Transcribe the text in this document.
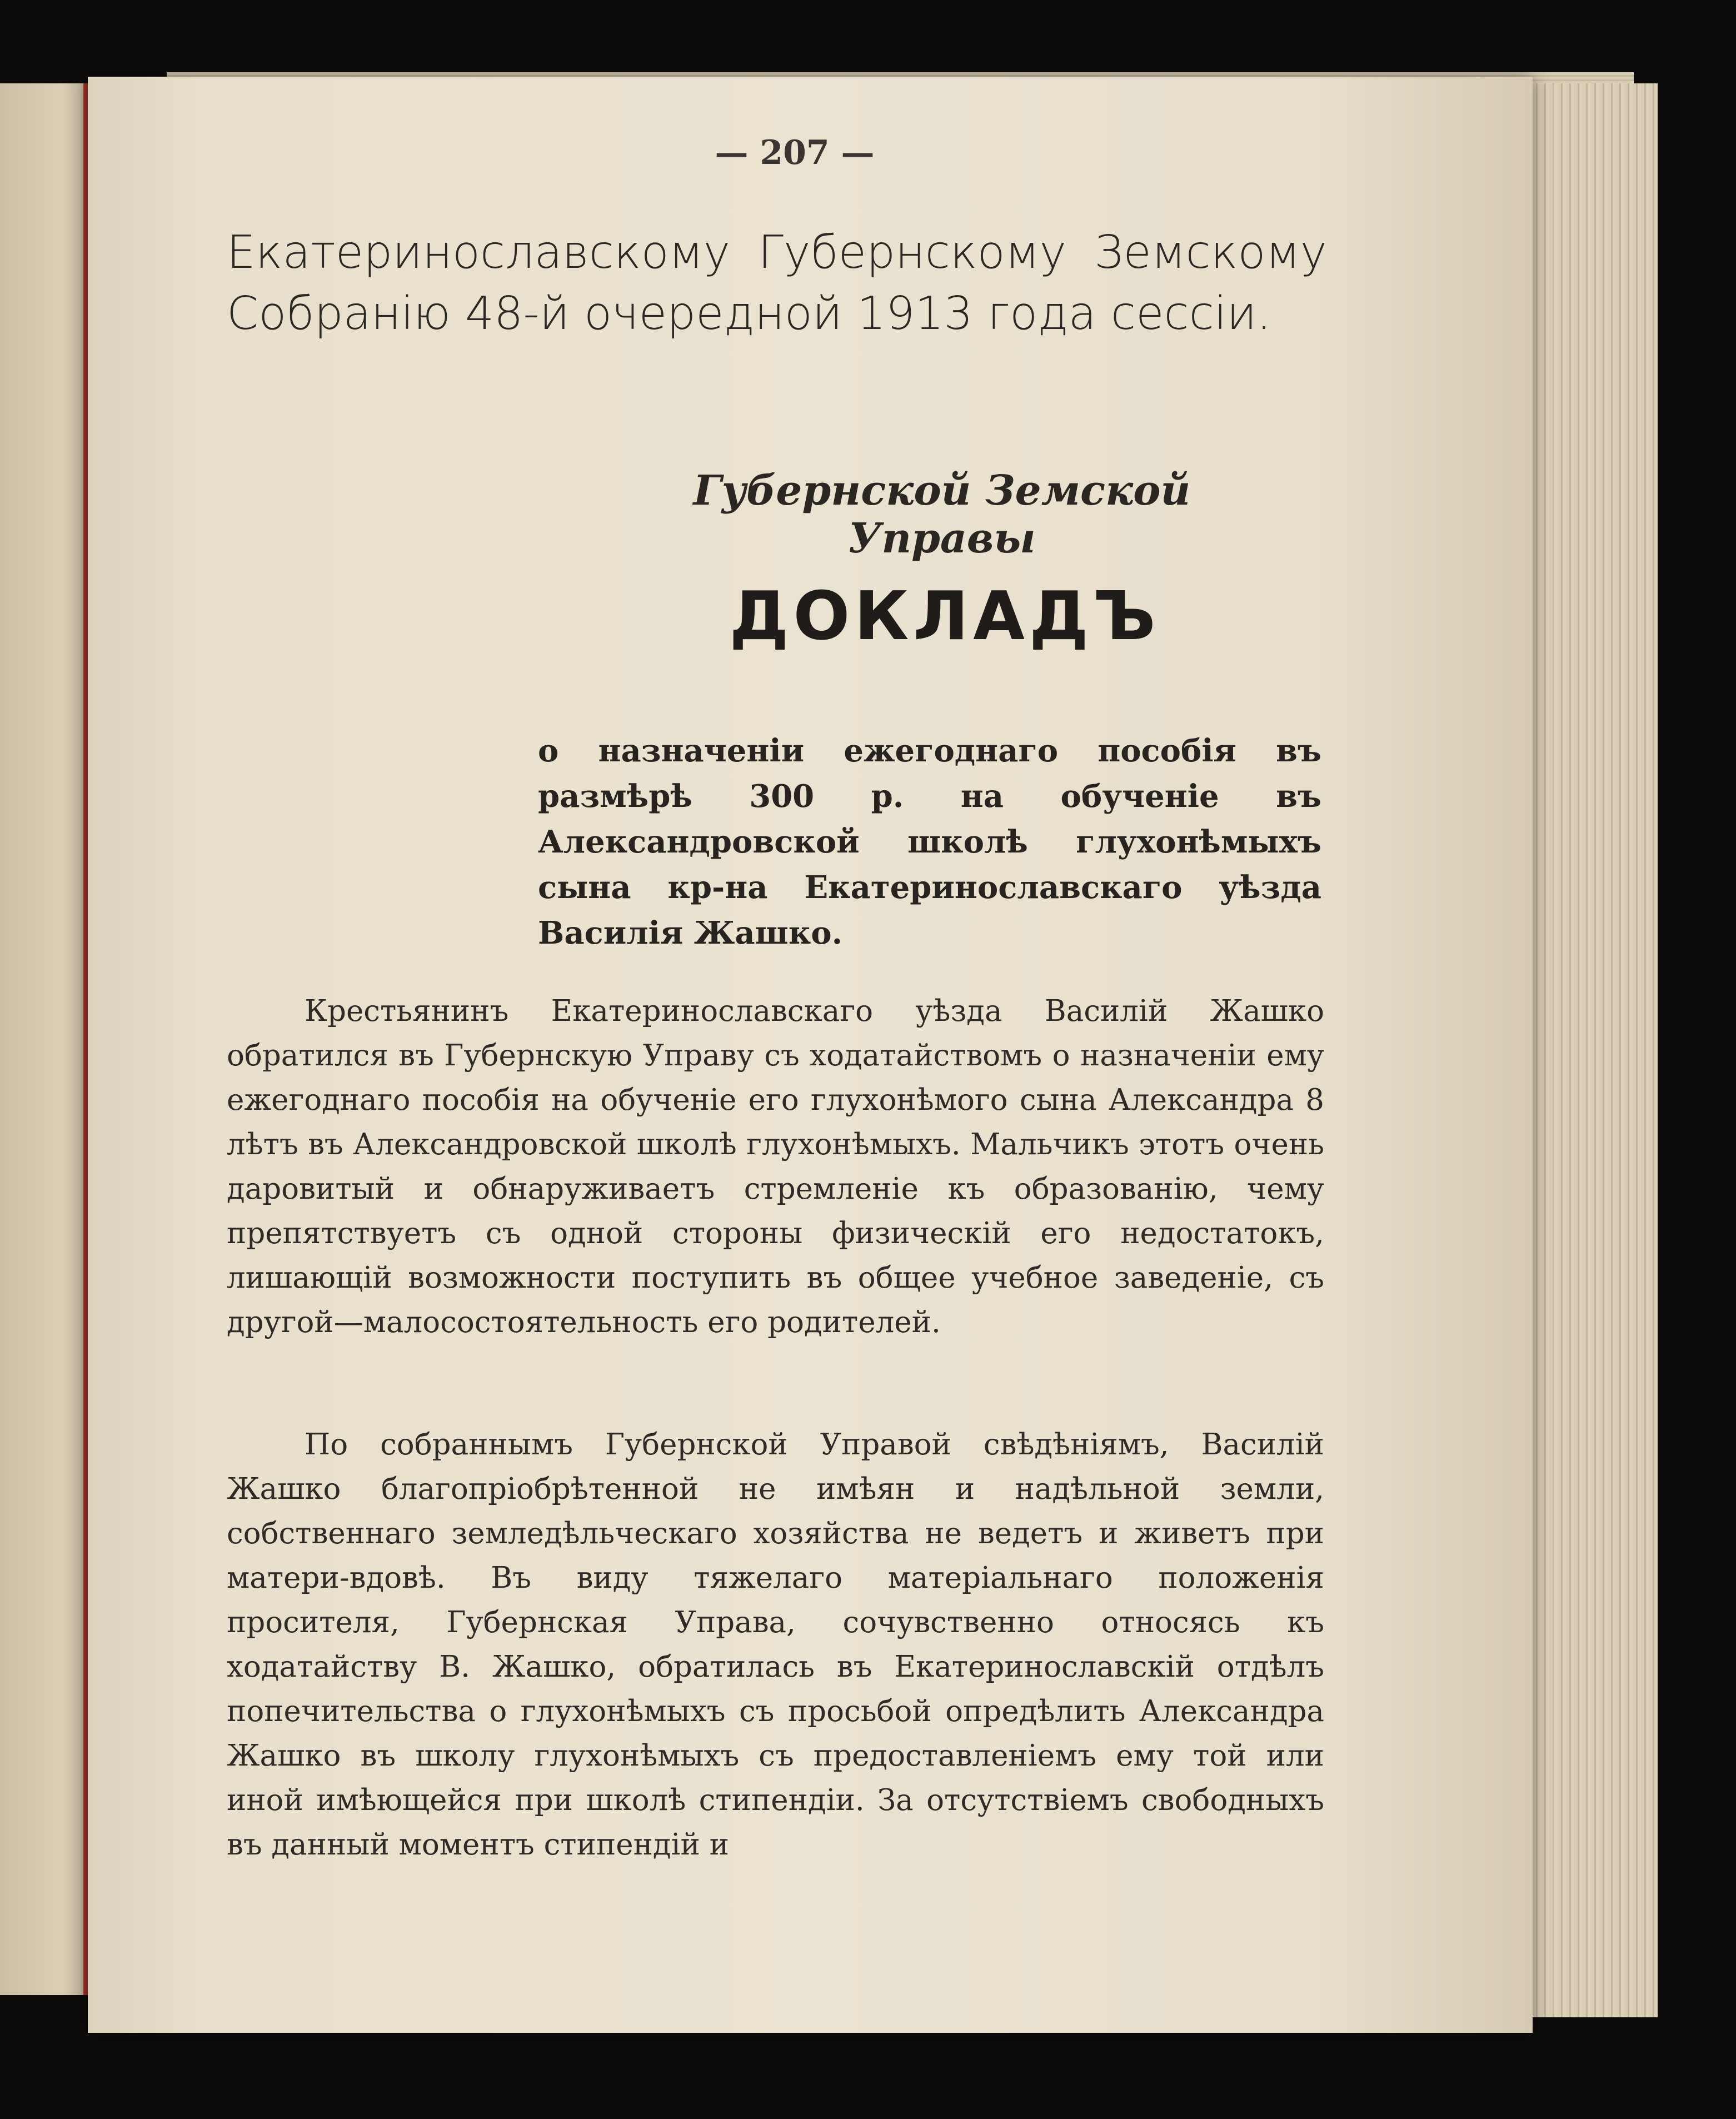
— 207 —

Екатеринославскому Губернскому Земскому Собранію 48-й очередной 1913 года сессіи.

Губернской Земской Управы
ДОКЛАДЪ

о назначеніи ежегоднаго пособія въ размѣрѣ 300 р. на обученіе въ Александровской школѣ глухонѣмыхъ сына кр-на Екатеринославскаго уѣзда Василія Жашко.

Крестьянинъ Екатеринославскаго уѣзда Василій Жашко обратился въ Губернскую Управу съ ходатайствомъ о назначеніи ему ежегоднаго пособія на обученіе его глухонѣмого сына Александра 8 лѣтъ въ Александровской школѣ глухонѣмыхъ. Мальчикъ этотъ очень даровитый и обнаруживаетъ стремленіе къ образованію, чему препятствуетъ съ одной стороны физическій его недостатокъ, лишающій возможности поступить въ общее учебное заведеніе, съ другой—малосостоятельность его родителей.

По собраннымъ Губернской Управой свѣдѣніямъ, Василій Жашко благопріобрѣтенной не имѣян и надѣльной земли, собственнаго земледѣльческаго хозяйства не ведетъ и живетъ при матери-вдовѣ. Въ виду тяжелаго матеріальнаго положенія просителя, Губернская Управа, сочувственно относясь къ ходатайству В. Жашко, обратилась въ Екатеринославскій отдѣлъ попечительства о глухонѣмыхъ съ просьбой опредѣлить Александра Жашко въ школу глухонѣмыхъ съ предоставленіемъ ему той или иной имѣющейся при школѣ стипендіи. За отсутствіемъ свободныхъ въ данный моментъ стипендій и
